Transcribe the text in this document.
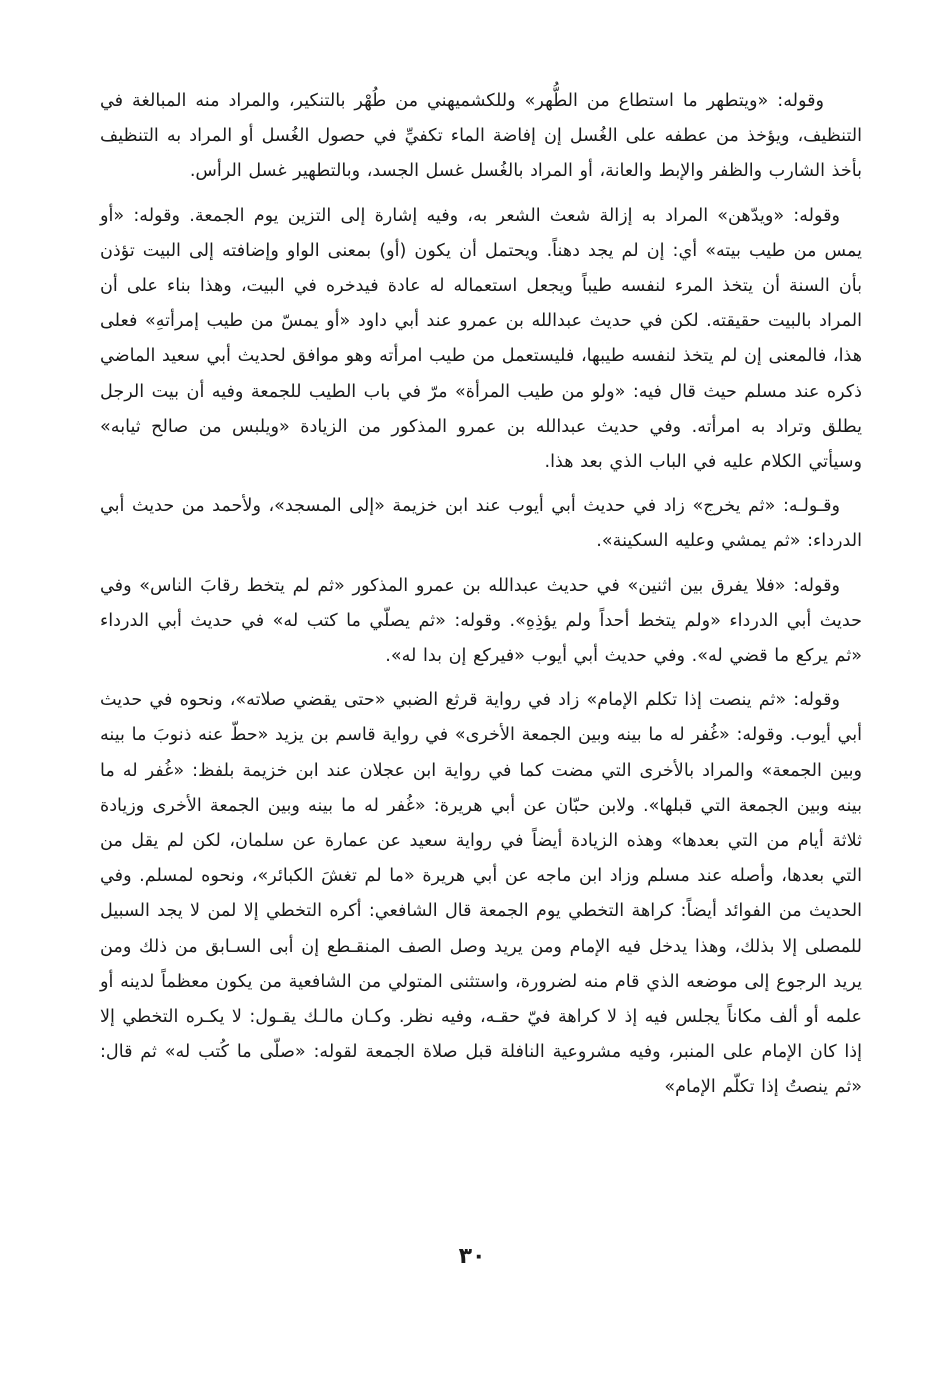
وقوله: «ويتطهر ما استطاع من الطُّهر» وللكشميهني من طُهْر بالتنكير، والمراد منه المبالغة في التنظيف، ويؤخذ من عطفه على الغُسل إن إفاضة الماء تكفيِّ في حصول الغُسل أو المراد به التنظيف بأخذ الشارب والظفر والإبط والعانة، أو المراد بالغُسل غسل الجسد، وبالتطهير غسل الرأس.

وقوله: «ويدّهن» المراد به إزالة شعث الشعر به، وفيه إشارة إلى التزين يوم الجمعة. وقوله: «أو يمس من طيب بيته» أي: إن لم يجد دهناً. ويحتمل أن يكون (أو) بمعنى الواو وإضافته إلى البيت تؤذن بأن السنة أن يتخذ المرء لنفسه طيباً ويجعل استعماله له عادة فيدخره في البيت، وهذا بناء على أن المراد بالبيت حقيقته. لكن في حديث عبدالله بن عمرو عند أبي داود «أو يمسّ من طيب إمرأتهِ» فعلى هذا، فالمعنى إن لم يتخذ لنفسه طيبها، فليستعمل من طيب امرأته وهو موافق لحديث أبي سعيد الماضي ذكره عند مسلم حيث قال فيه: «ولو من طيب المرأة» مرّ في باب الطيب للجمعة وفيه أن بيت الرجل يطلق وتراد به امرأته. وفي حديث عبدالله بن عمرو المذكور من الزيادة «ويلبس من صالح ثيابه» وسيأتي الكلام عليه في الباب الذي بعد هذا.

وقـولـه: «ثم يخرج» زاد في حديث أبي أيوب عند ابن خزيمة «إلى المسجد»، ولأحمد من حديث أبي الدرداء: «ثم يمشي وعليه السكينة».

وقوله: «فلا يفرق بين اثنين» في حديث عبدالله بن عمرو المذكور «ثم لم يتخط رقابَ الناس» وفي حديث أبي الدرداء «ولم يتخط أحداً ولم يؤذِهِ». وقوله: «ثم يصلّي ما كتب له» في حديث أبي الدرداء «ثم يركع ما قضي له». وفي حديث أبي أيوب «فيركع إن بدا له».

وقوله: «ثم ينصت إذا تكلم الإمام» زاد في رواية قرثع الضبي «حتى يقضي صلاته»، ونحوه في حديث أبي أيوب. وقوله: «غُفر له ما بينه وبين الجمعة الأخرى» في رواية قاسم بن يزيد «حطّ عنه ذنوبَ ما بينه وبين الجمعة» والمراد بالأخرى التي مضت كما في رواية ابن عجلان عند ابن خزيمة بلفظ: «غُفر له ما بينه وبين الجمعة التي قبلها». ولابن حبّان عن أبي هريرة: «غُفر له ما بينه وبين الجمعة الأخرى وزيادة ثلاثة أيام من التي بعدها» وهذه الزيادة أيضاً في رواية سعيد عن عمارة عن سلمان، لكن لم يقل من التي بعدها، وأصله عند مسلم وزاد ابن ماجه عن أبي هريرة «ما لم تغشَ الكبائر»، ونحوه لمسلم. وفي الحديث من الفوائد أيضاً: كراهة التخطي يوم الجمعة قال الشافعي: أكره التخطي إلا لمن لا يجد السبيل للمصلى إلا بذلك، وهذا يدخل فيه الإمام ومن يريد وصل الصف المنقـطع إن أبى السـابق من ذلك ومن يريد الرجوع إلى موضعه الذي قام منه لضرورة، واستثنى المتولي من الشافعية من يكون معظماً لدينه أو علمه أو ألف مكاناً يجلس فيه إذ لا كراهة فيّ حقـه، وفيه نظر. وكـان مالـك يقـول: لا يكـره التخطي إلا إذا كان الإمام على المنبر، وفيه مشروعية النافلة قبل صلاة الجمعة لقوله: «صلّى ما كُتب له» ثم قال: «ثم ينصتُ إذا تكلّم الإمام»

٣٠
